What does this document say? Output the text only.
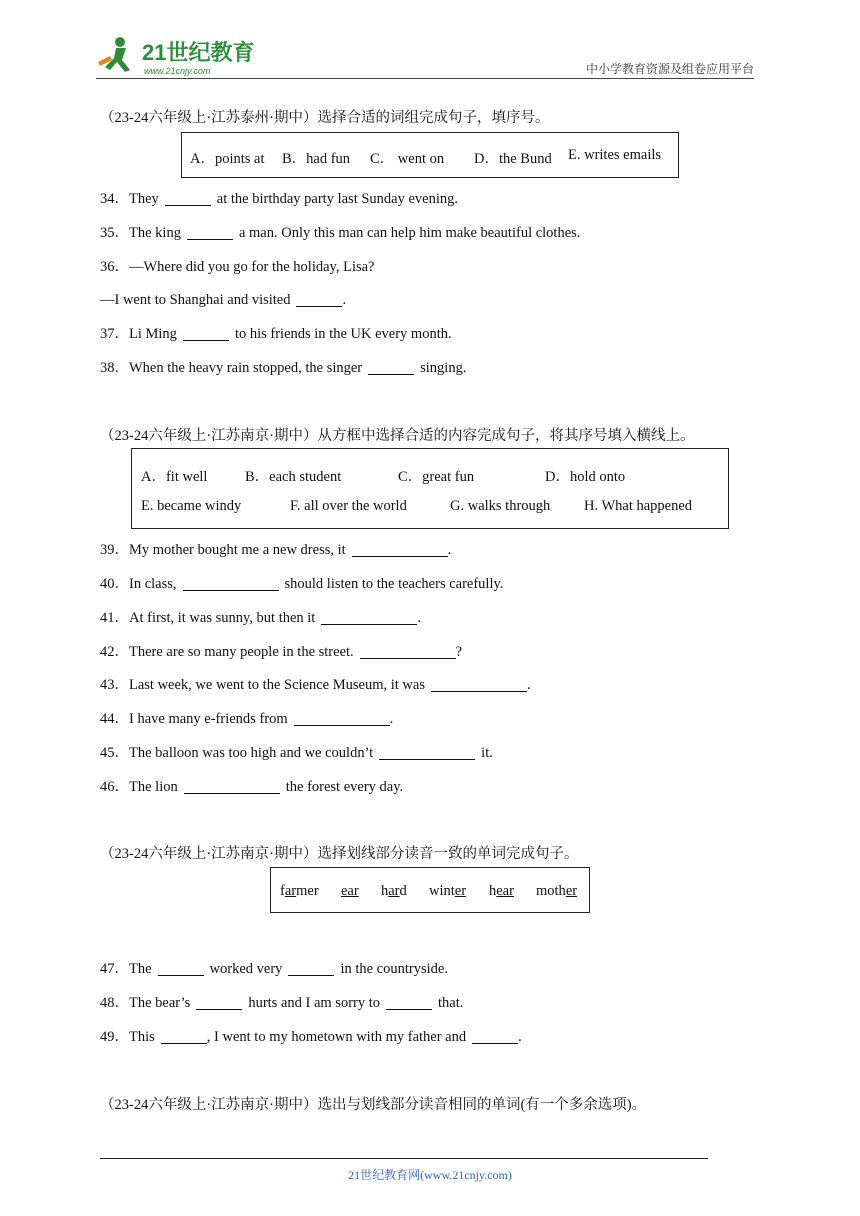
21世纪教育
www.21cnjy.com	中小学教育资源及组卷应用平台
（23-24六年级上·江苏泰州·期中）选择合适的词组完成句子，填序号。
A．points at B．had fun C． went on D．the Bund E. writes emails
34．They	at the birthday party last Sunday evening.
35．The king	a man. Only this man can help him make beautiful clothes.
36．—Where did you go for the holiday, Lisa?
—I went to Shanghai and visited	.
37．Li Ming	to his friends in the UK every month.
38．When the heavy rain stopped, the singer	singing.
（23-24六年级上·江苏南京·期中）从方框中选择合适的内容完成句子，将其序号填入横线上。
A．fit well	B．each student	C．great fun	D．hold onto
E. became windy	F. all over the world	G. walks through H. What happened
39．My mother bought me a new dress, it	.
40．In class,	should listen to the teachers carefully.
41．At first, it was sunny, but then it	.
42．There are so many people in the street.	?
43．Last week, we went to the Science Museum, it was	.
44．I have many e-friends from	.
45．The balloon was too high and we couldn’t	it.
46．The lion	the forest every day.
（23-24六年级上·江苏南京·期中）选择划线部分读音一致的单词完成句子。
farmer ear hard winter hear mother
47．The	worked very	in the countryside.
48．The bear’s	hurts and I am sorry to	that.
49．This	, I went to my hometown with my father and	.
（23-24六年级上·江苏南京·期中）选出与划线部分读音相同的单词(有一个多余选项)。
21世纪教育网(www.21cnjy.com)
